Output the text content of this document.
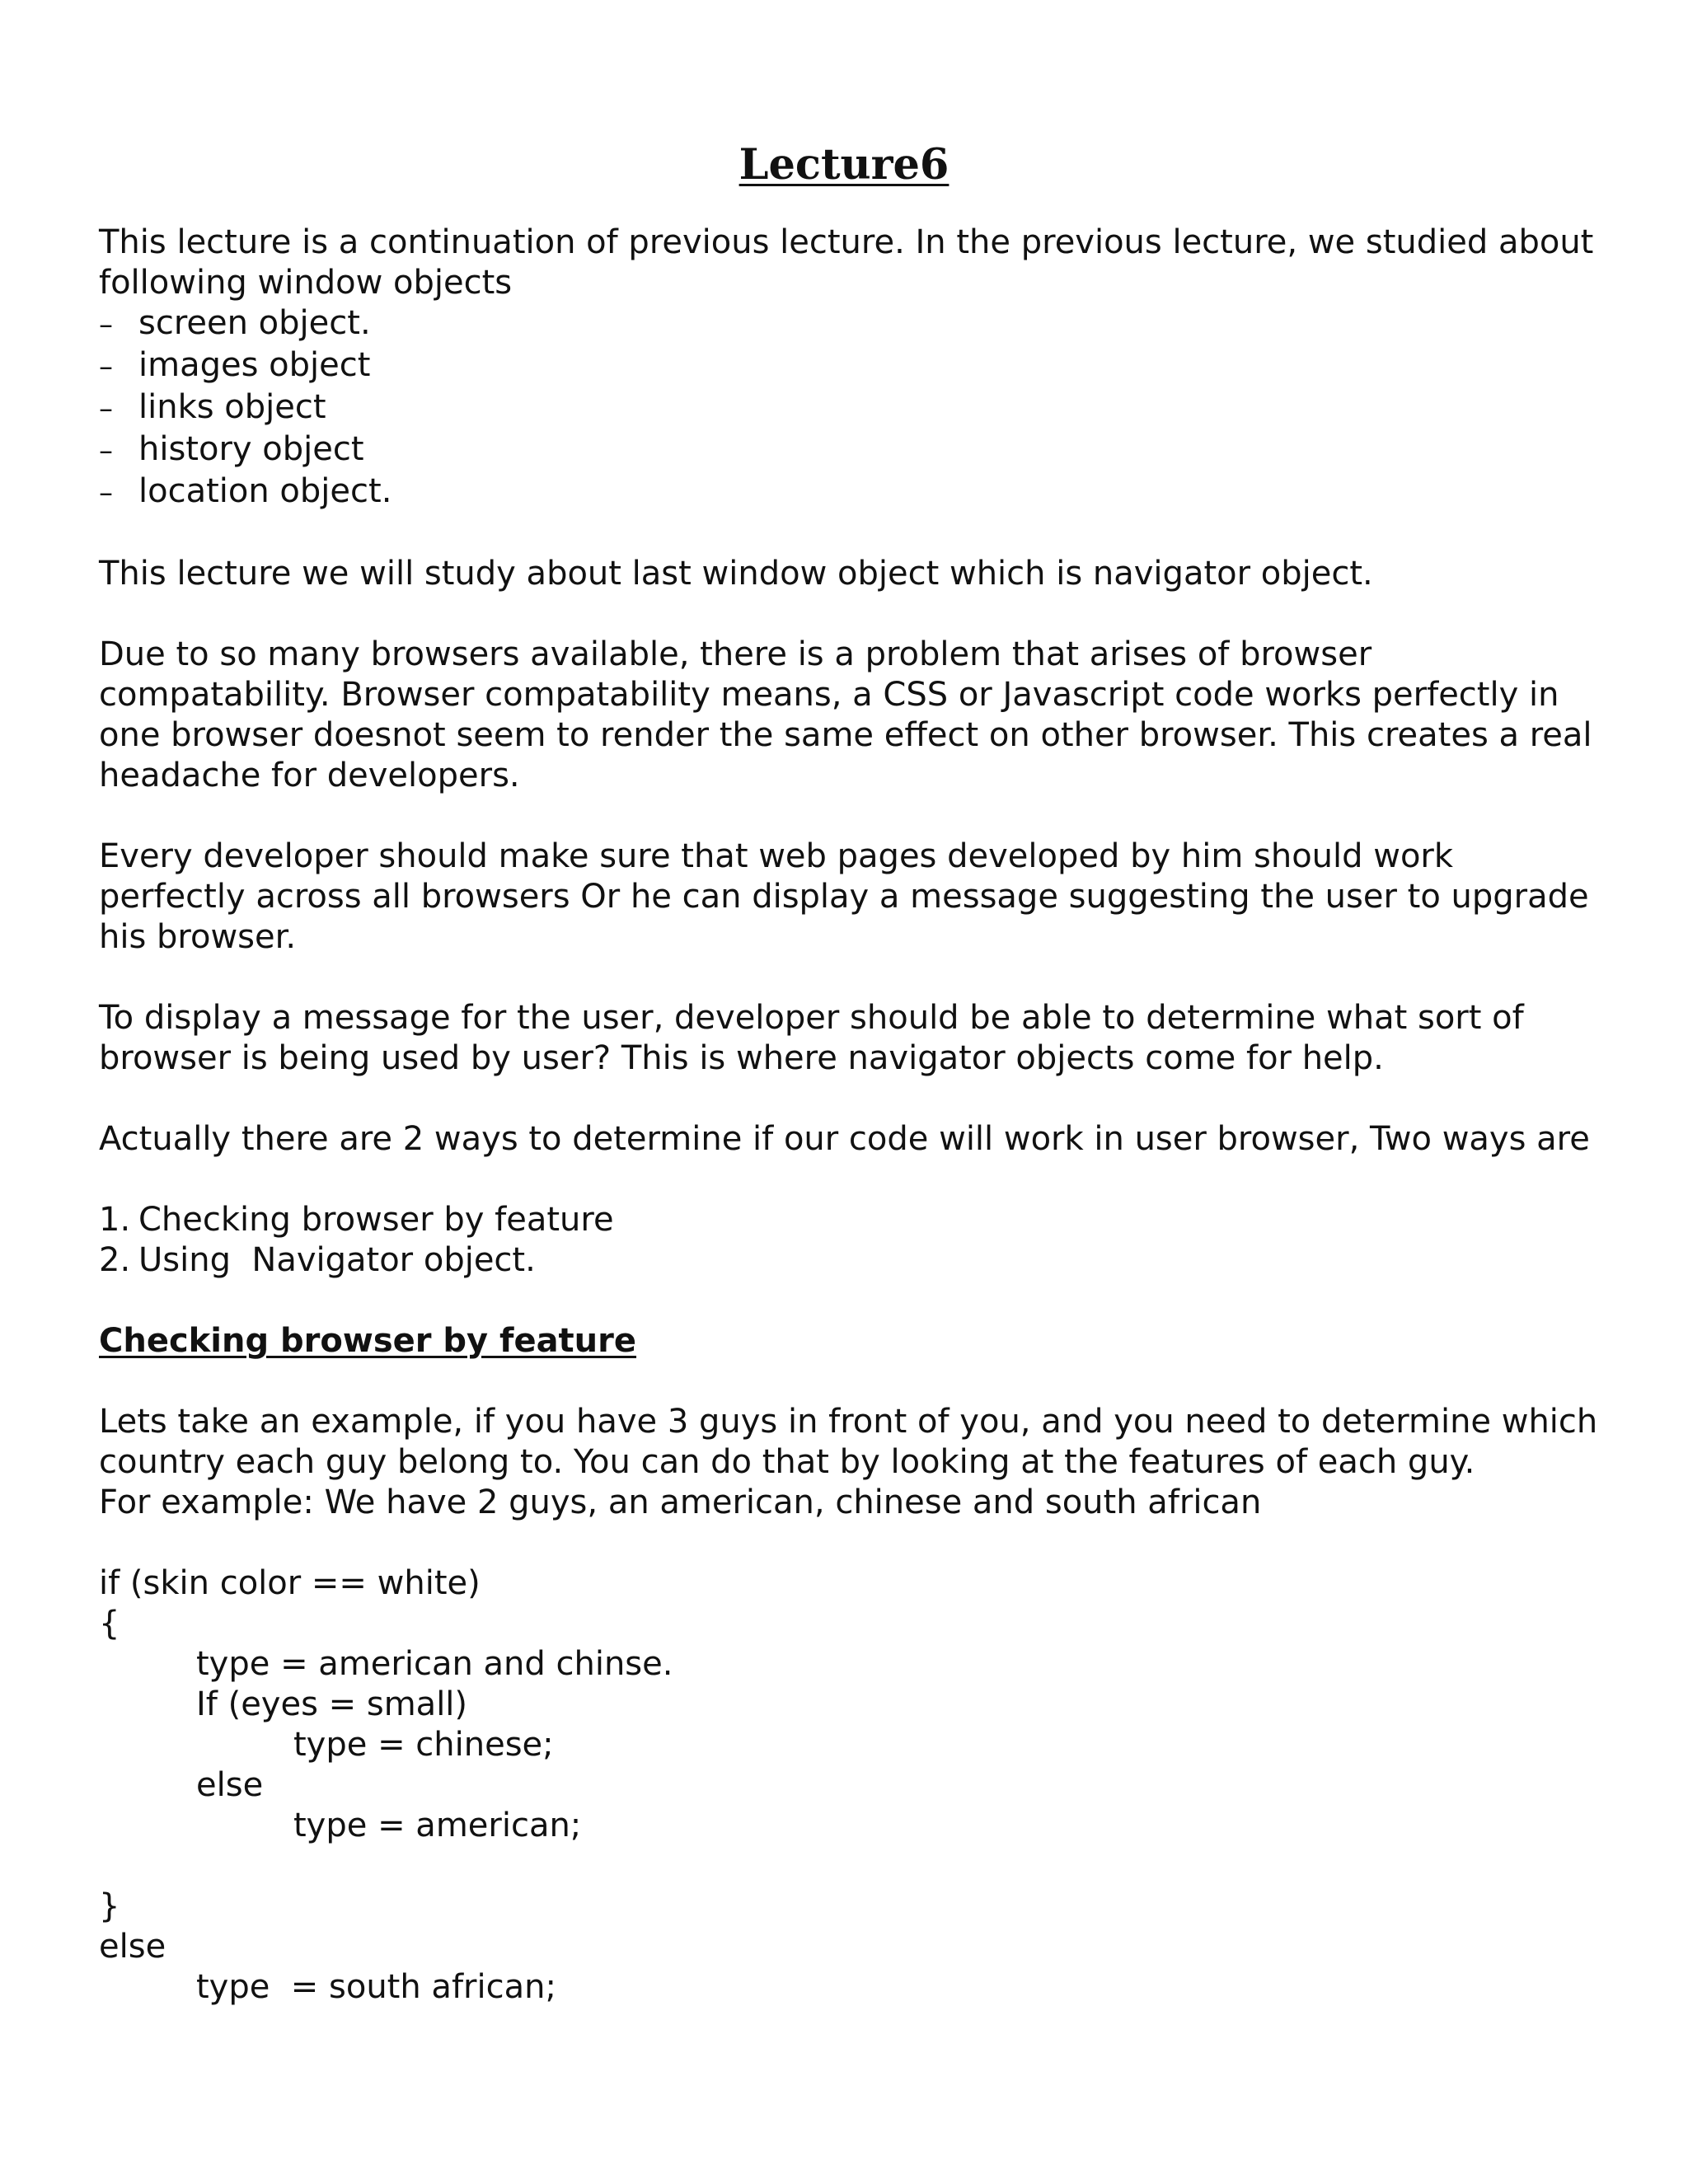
Lecture6

This lecture is a continuation of previous lecture. In the previous lecture, we studied about following window objects

– screen object.
– images object
– links object
– history object
– location object.

This lecture we will study about last window object which is navigator object.

Due to so many browsers available, there is a problem that arises of browser compatability. Browser compatability means, a CSS or Javascript code works perfectly in one browser doesnot seem to render the same effect on other browser. This creates a real headache for developers.

Every developer should make sure that web pages developed by him should work perfectly across all browsers Or he can display a message suggesting the user to upgrade his browser.

To display a message for the user, developer should be able to determine what sort of browser is being used by user? This is where navigator objects come for help.

Actually there are 2 ways to determine if our code will work in user browser, Two ways are

1. Checking browser by feature
2. Using  Navigator object.
Checking browser by feature

Lets take an example, if you have 3 guys in front of you, and you need to determine which country each guy belong to. You can do that by looking at the features of each guy.

For example: We have 2 guys, an american, chinese and south african

if (skin color == white)
{
type = american and chinse.
If (eyes = small)
type = chinese;
else
type = american;
}
else
type  = south african;
